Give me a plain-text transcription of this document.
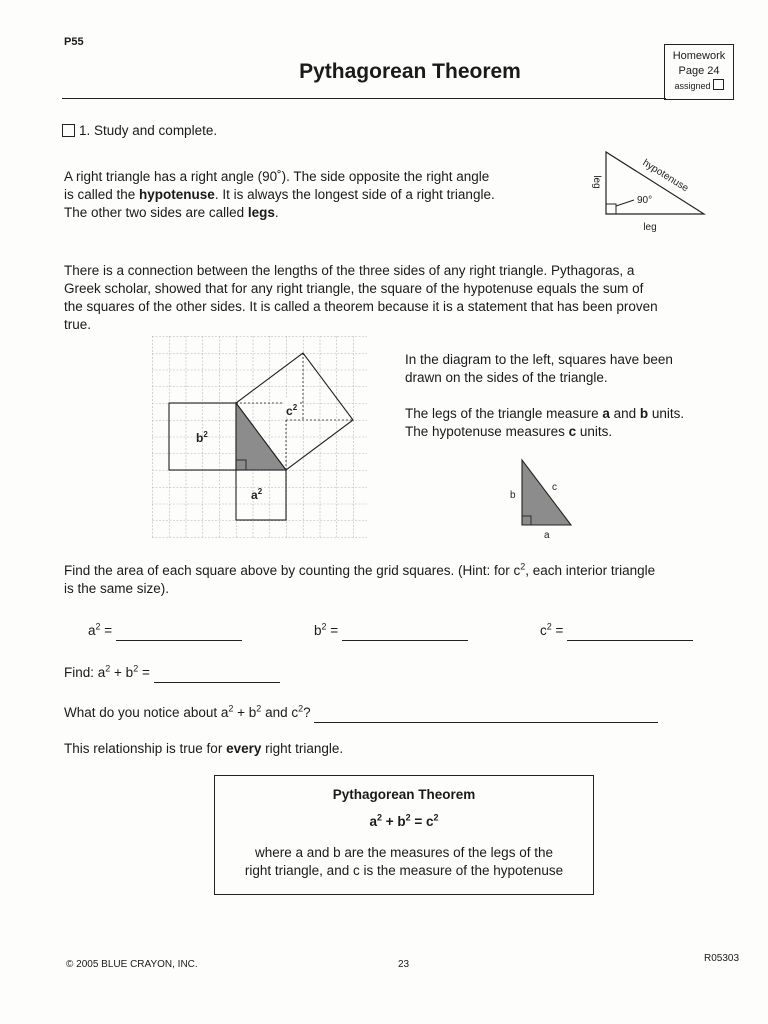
P55
Pythagorean Theorem
Homework
Page 24
assigned
1. Study and complete.
A right triangle has a right angle (90˚). The side opposite the right angle
is called the hypotenuse. It is always the longest side of a right triangle.
The other two sides are called legs.
90°
leg
leg
hypotenuse
There is a connection between the lengths of the three sides of any right triangle. Pythagoras, a
Greek scholar, showed that for any right triangle, the square of the hypotenuse equals the sum of
the squares of the other sides. It is called a theorem because it is a statement that has been proven
true.
$c^2$
$b^2$
$a^2$
In the diagram to the left, squares have been
drawn on the sides of the triangle.
The legs of the triangle measure a and b units.
The hypotenuse measures c units.
b
c
a
Find the area of each square above by counting the grid squares. (Hint: for $c^2$, each interior triangle
is the same size).
$a^2$ =	$b^2$ =	$c^2$ =
Find: $a^2 + b^2$ =
What do you notice about $a^2 + b^2$ and $c^2$?
This relationship is true for every right triangle.
Pythagorean Theorem
$a^2 + b^2 = c^2$
where a and b are the measures of the legs of the
right triangle, and c is the measure of the hypotenuse
© 2005 BLUE CRAYON, INC.	23
R05303
